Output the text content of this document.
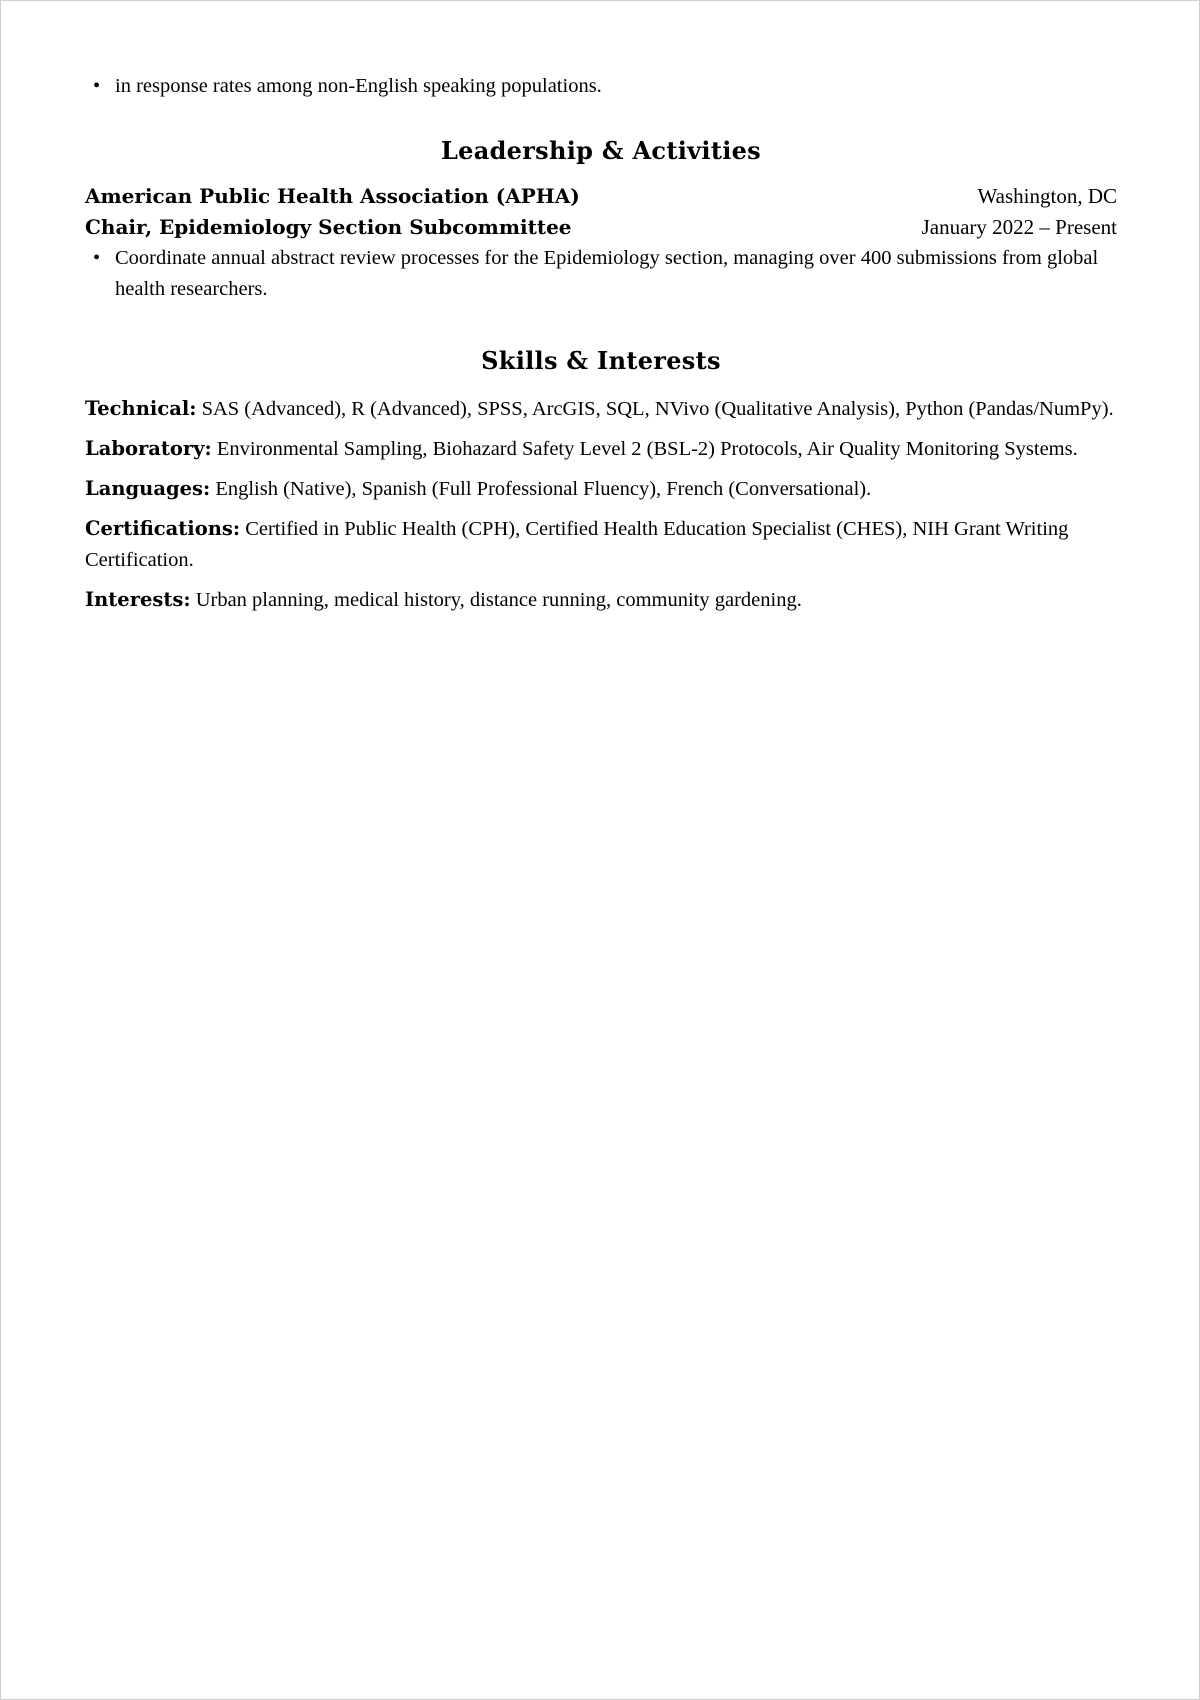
• in response rates among non-English speaking populations.
Leadership & Activities
American Public Health Association (APHA)	Washington, DC
Chair, Epidemiology Section Subcommittee	January 2022 – Present
• Coordinate annual abstract review processes for the Epidemiology section, managing over 400 submissions from global health researchers.
Skills & Interests

Technical: SAS (Advanced), R (Advanced), SPSS, ArcGIS, SQL, NVivo (Qualitative Analysis), Python (Pandas/NumPy).

Laboratory: Environmental Sampling, Biohazard Safety Level 2 (BSL-2) Protocols, Air Quality Monitoring Systems.

Languages: English (Native), Spanish (Full Professional Fluency), French (Conversational).

Certifications: Certified in Public Health (CPH), Certified Health Education Specialist (CHES), NIH Grant Writing Certification.

Interests: Urban planning, medical history, distance running, community gardening.
